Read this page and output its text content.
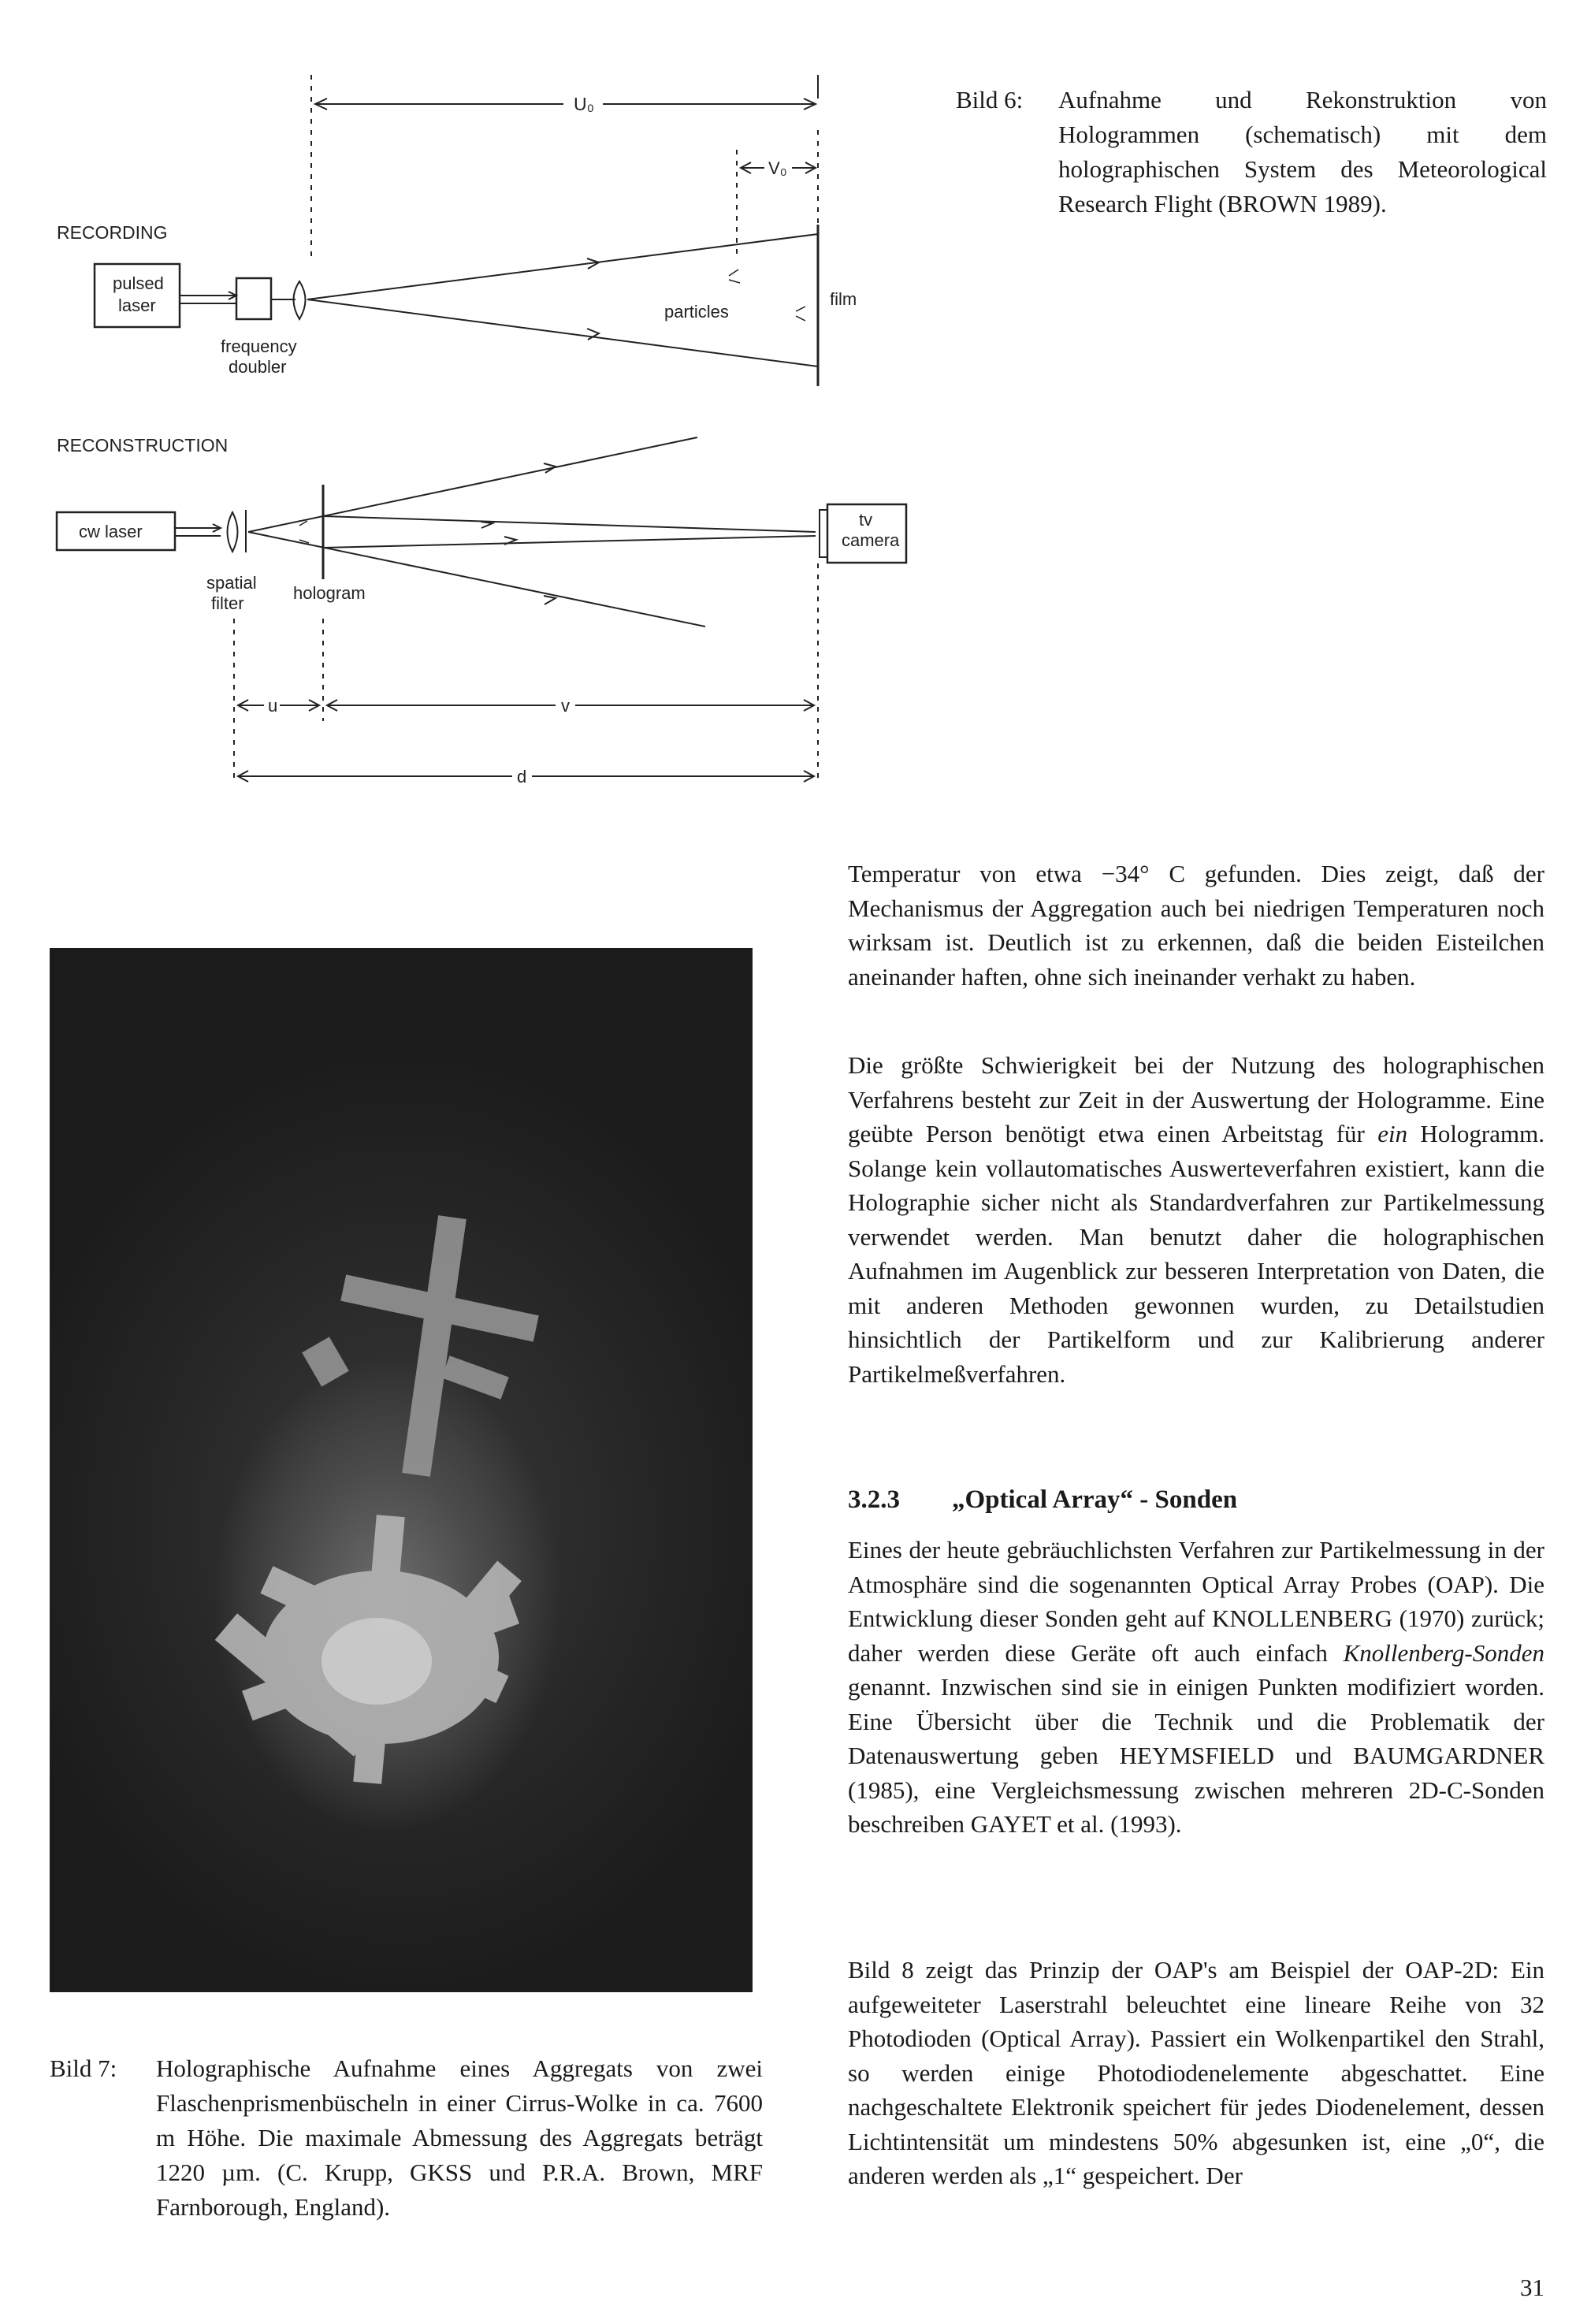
RECORDING
U₀
V₀
pulsed
laser
frequency
doubler
film
particles
RECONSTRUCTION
cw laser
tv
camera
spatial
filter
hologram
u	v
d
Bild 6: Aufnahme und Rekonstruktion von Hologrammen (schematisch) mit dem holographischen System des Meteorological Research Flight (BROWN 1989).
Bild 7: Holographische Aufnahme eines Aggregats von zwei Flaschenprismenbüscheln in einer Cirrus-Wolke in ca. 7600 m Höhe. Die maximale Abmessung des Aggregats beträgt 1220 µm. (C. Krupp, GKSS und P.R.A. Brown, MRF Farnborough, England).

Temperatur von etwa −34° C gefunden. Dies zeigt, daß der Mechanismus der Aggregation auch bei niedrigen Temperaturen noch wirksam ist. Deutlich ist zu erkennen, daß die beiden Eisteilchen aneinander haften, ohne sich ineinander verhakt zu haben.

Die größte Schwierigkeit bei der Nutzung des holographischen Verfahrens besteht zur Zeit in der Auswertung der Hologramme. Eine geübte Person benötigt etwa einen Arbeitstag für ein Hologramm. Solange kein vollautomatisches Auswerteverfahren existiert, kann die Holographie sicher nicht als Standardverfahren zur Partikelmessung verwendet werden. Man benutzt daher die holographischen Aufnahmen im Augenblick zur besseren Interpretation von Daten, die mit anderen Methoden gewonnen wurden, zu Detailstudien hinsichtlich der Partikelform und zur Kalibrierung anderer Partikelmeßverfahren.

3.2.3 „Optical Array“ - Sonden

Eines der heute gebräuchlichsten Verfahren zur Partikelmessung in der Atmosphäre sind die sogenannten Optical Array Probes (OAP). Die Entwicklung dieser Sonden geht auf KNOLLENBERG (1970) zurück; daher werden diese Geräte oft auch einfach Knollenberg-Sonden genannt. Inzwischen sind sie in einigen Punkten modifiziert worden. Eine Übersicht über die Technik und die Problematik der Datenauswertung geben HEYMSFIELD und BAUMGARDNER (1985), eine Vergleichsmessung zwischen mehreren 2D-C-Sonden beschreiben GAYET et al. (1993).

Bild 8 zeigt das Prinzip der OAP's am Beispiel der OAP-2D: Ein aufgeweiteter Laserstrahl beleuchtet eine lineare Reihe von 32 Photodioden (Optical Array). Passiert ein Wolkenpartikel den Strahl, so werden einige Photodiodenelemente abgeschattet. Eine nachgeschaltete Elektronik speichert für jedes Diodenelement, dessen Lichtintensität um mindestens 50% abgesunken ist, eine „0“, die anderen werden als „1“ gespeichert. Der

31
